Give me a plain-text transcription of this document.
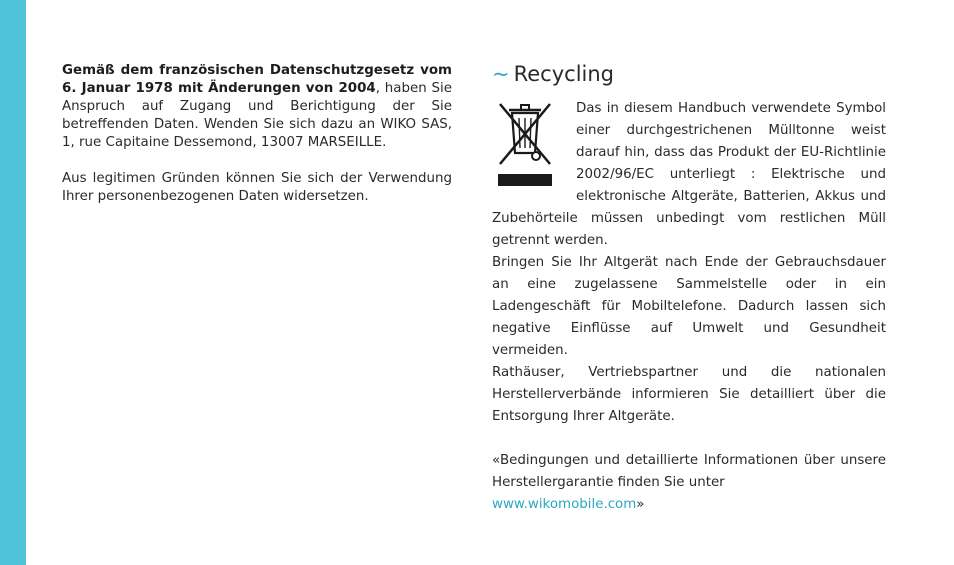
Gemäß dem französischen Datenschutzgesetz vom 6. Januar 1978 mit Änderungen von 2004, haben Sie Anspruch auf Zugang und Berichtigung der Sie betreffenden Daten. Wenden Sie sich dazu an WIKO SAS, 1, rue Capitaine Dessemond, 13007 MARSEILLE.

Aus legitimen Gründen können Sie sich der Verwendung Ihrer personenbezogenen Daten widersetzen.

~ Recycling

Das in diesem Handbuch verwendete Symbol einer durchgestrichenen Mülltonne weist darauf hin, dass das Produkt der EU-Richtlinie 2002/96/EC unterliegt : Elektrische und elektronische Altgeräte, Batterien, Akkus und Zubehörteile müssen unbedingt vom restlichen Müll getrennt werden.

Bringen Sie Ihr Altgerät nach Ende der Gebrauchsdauer an eine zugelassene Sammelstelle oder in ein Ladengeschäft für Mobiltelefone. Dadurch lassen sich negative Einflüsse auf Umwelt und Gesundheit vermeiden.

Rathäuser, Vertriebspartner und die nationalen Herstellerverbände informieren Sie detailliert über die Entsorgung Ihrer Altgeräte.

«Bedingungen und detaillierte Informationen über unsere Herstellergarantie finden Sie unter
www.wikomobile.com»
